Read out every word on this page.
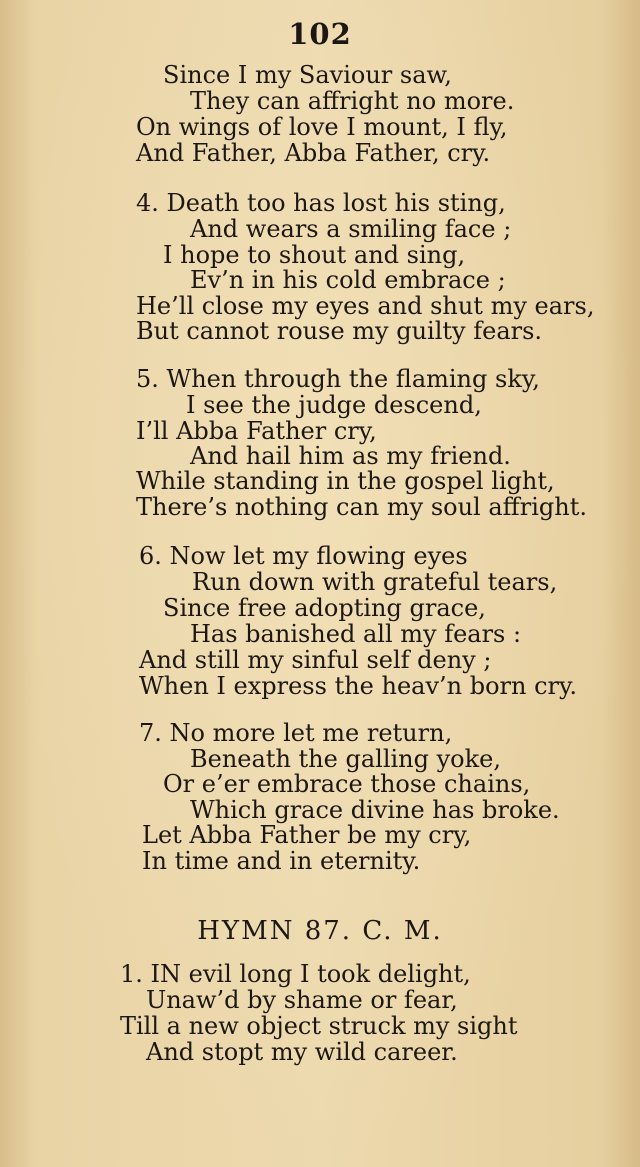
102
Since I my Saviour saw,
They can affright no more.
On wings of love I mount, I fly,
And Father, Abba Father, cry.
4. Death too has lost his sting,
And wears a smiling face ;
I hope to shout and sing,
Ev’n in his cold embrace ;
He’ll close my eyes and shut my ears,
But cannot rouse my guilty fears.
5. When through the flaming sky,
I see the judge descend,
I’ll Abba Father cry,
And hail him as my friend.
While standing in the gospel light,
There’s nothing can my soul affright.
6. Now let my flowing eyes
Run down with grateful tears,
Since free adopting grace,
Has banished all my fears :
And still my sinful self deny ;
When I express the heav’n born cry.
7. No more let me return,
Beneath the galling yoke,
Or e’er embrace those chains,
Which grace divine has broke.
Let Abba Father be my cry,
In time and in eternity.
HYMN 87. C. M.
1. IN evil long I took delight,
Unaw’d by shame or fear,
Till a new object struck my sight
And stopt my wild career.
